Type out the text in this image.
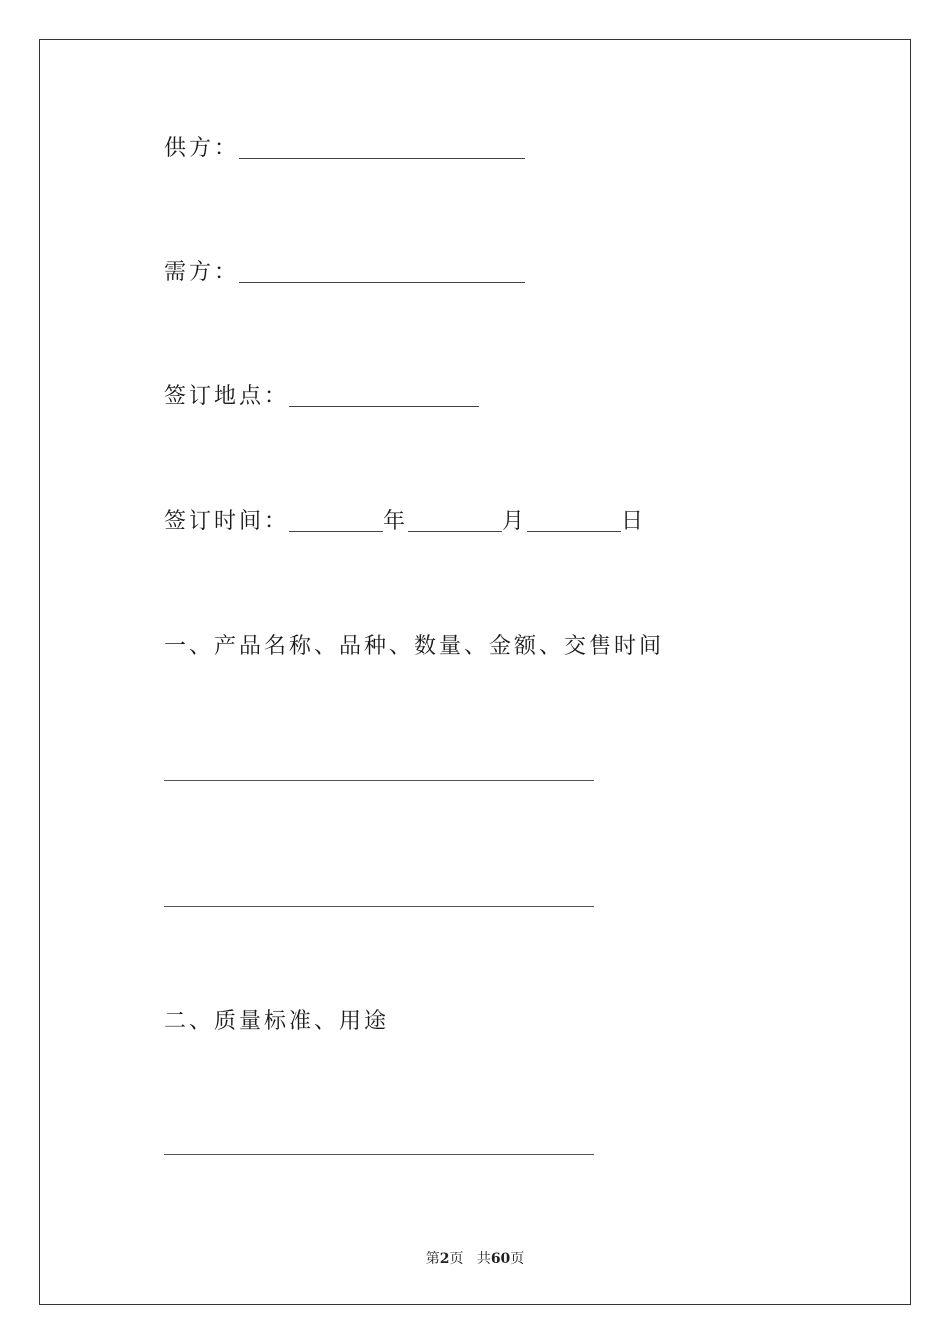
供方：
需方：
签订地点：
签订时间：	年	月	日
一、产品名称、品种、数量、金额、交售时间
二、质量标准、用途
第2页 共60页
